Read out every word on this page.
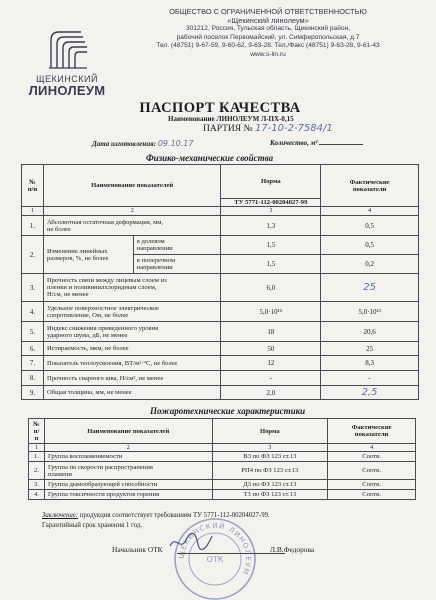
ЩЕКИНСКИЙ
ЛИНОЛЕУМ
ОБЩЕСТВО С ОГРАНИЧЕННОЙ ОТВЕТСТВЕННОСТЬЮ
«Щекинский линолеум»
301212, Россия, Тульская область, Щекинский район,
рабочий поселок Первомайский, ул. Симферопольская, д.7
Тел. (48751) 9-67-59, 9-60-62, 9-63-28. Тел./Факс (48751) 9-63-28, 9-61-43
www.s-lin.ru
ПАСПОРТ КАЧЕСТВА
Наименование ЛИНОЛЕУМ Л-ПХ-0,15
ПАРТИЯ № 17-10-2-7584/1
Дата изготовления: 09.10.17	Количество, м²
Физико-механические свойства
№
п/п	Наименование показателей		Норма	Фактические
показатели
			ТУ 5771-112-00204027-99	
1	2		3	4
1.	Абсолютная остаточная деформация, мм,
не более		1,3	0,5
2.	Изменение линейных
размеров, %, не более	в долевом
направлении	1,5	0,5
		в поперечном
направлении	1,5	0,2
3.	Прочность связи между лицевым слоем из
пленки и поливинилхлоридным слоем,
Н/см, не менее		6,0	25
4.	Удельное поверхностное электрическое
сопротивление, Ом, не более		5,0·10¹⁵	5,0·10¹³
5.	Индекс снижения приведенного уровня
ударного шума, дБ, не менее		18	20,6
6.	Истираемость, мкм, не более		50	25
7.	Показатель теплоусвоения, ВТ/м²·°С, не более		12	8,3
8.	Прочность сварного шва, Н/см², не менее		-	-
9.	Общая толщина, мм, не менее		2,0	2,5
Пожаротехнические характеристики
№
п/п	Наименование показателей	Норма	Фактические
показатели
1	2	3	4
1.	Группа воспламеняемости	В3 по ФЗ 123 ст.13	Соотв.
2.	Группа по скорости распространения
пламени	РП4 по ФЗ 123 ст.13	Соотв.
3.	Группа дымообразующей способности	Д3 по ФЗ 123 ст.13	Соотв.
4.	Группа токсичности продуктов горения	Т3 по ФЗ 123 ст.13	Соотв.
Заключение: продукция соответствует требованиям ТУ 5771-112-00204027-99.
Гарантийный срок хранения 1 год.
ЩЕКИНСКИЙ ЛИНОЛЕУМ
ОТК
Начальник ОТК	Л.В.Федорова
